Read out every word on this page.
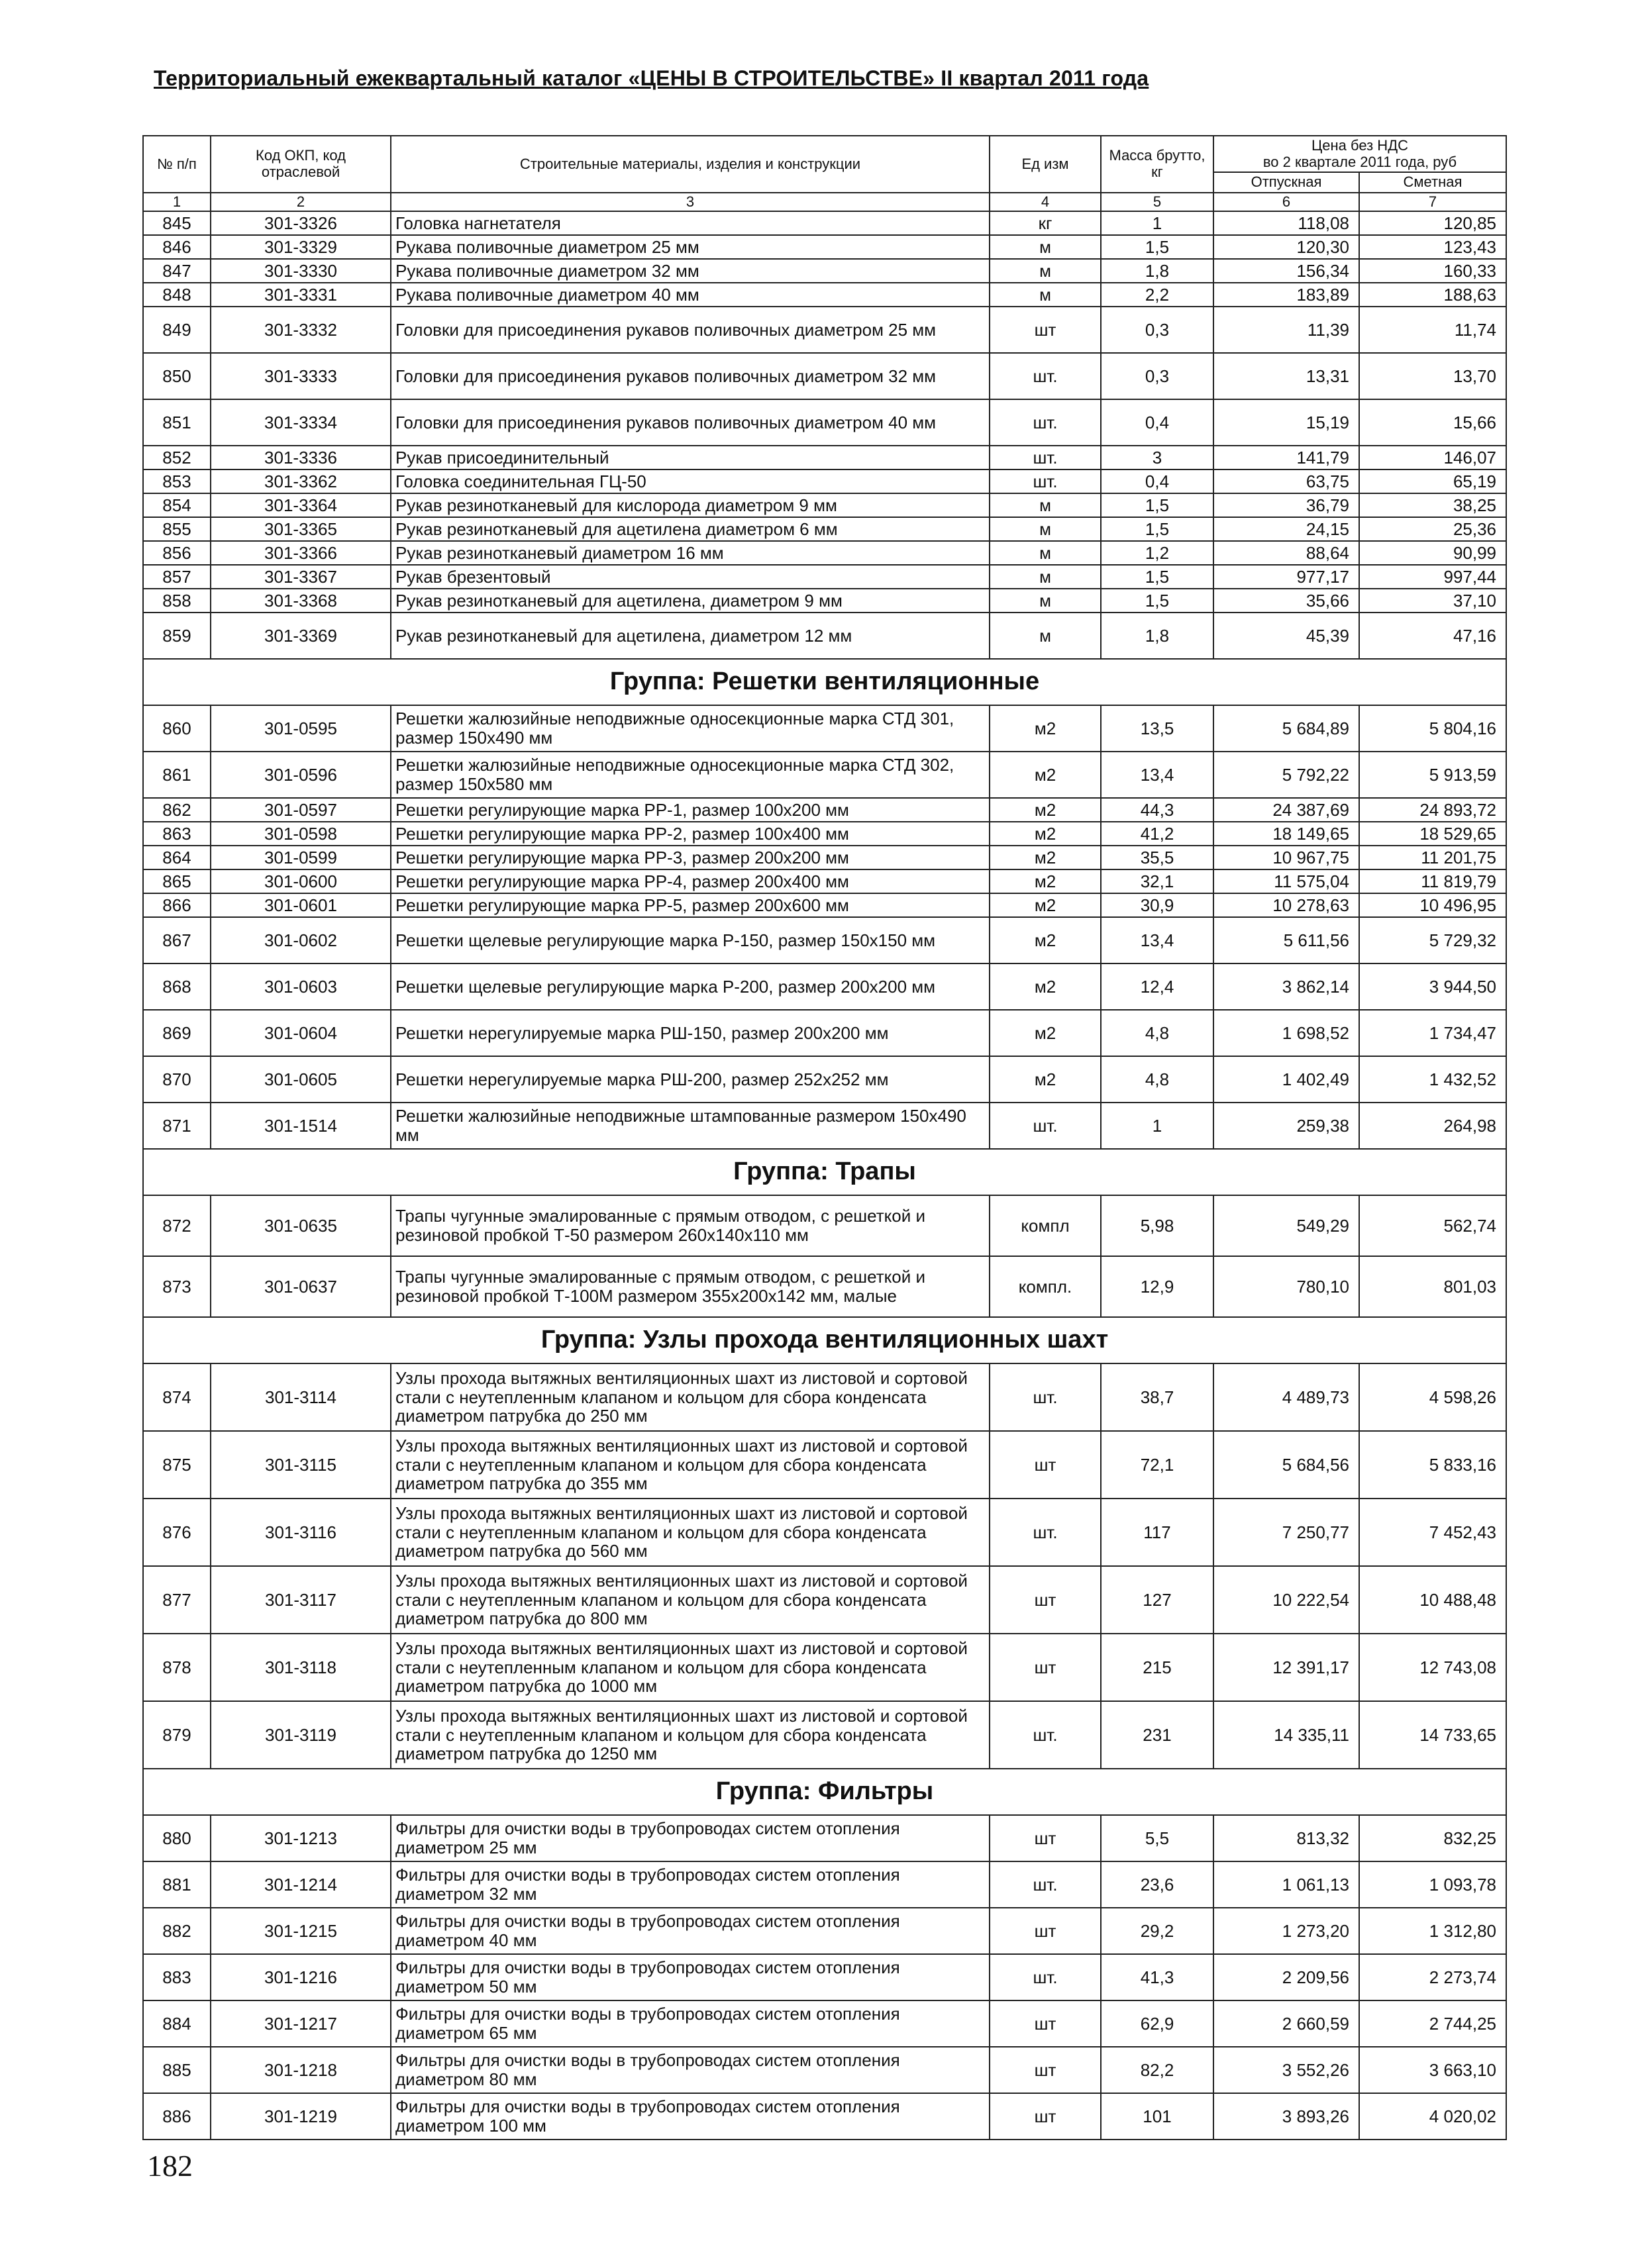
Территориальный ежеквартальный каталог «ЦЕНЫ В СТРОИТЕЛЬСТВЕ» II квартал 2011 года
№ п/п	Код ОКП, код отраслевой	Строительные материалы, изделия и конструкции	Ед изм	Масса брутто, кг	Цена без НДС
во 2 квартале 2011 года, руб	

					Отпускная	Сметная
1	2	3	4	5	6	7
845	301-3326	Головка нагнетателя	кг	1	118,08	120,85
846	301-3329	Рукава поливочные диаметром 25 мм	м	1,5	120,30	123,43
847	301-3330	Рукава поливочные диаметром 32 мм	м	1,8	156,34	160,33
848	301-3331	Рукава поливочные диаметром 40 мм	м	2,2	183,89	188,63
849	301-3332	Головки для присоединения рукавов поливочных диаметром 25 мм	шт	0,3	11,39	11,74
850	301-3333	Головки для присоединения рукавов поливочных диаметром 32 мм	шт.	0,3	13,31	13,70
851	301-3334	Головки для присоединения рукавов поливочных диаметром 40 мм	шт.	0,4	15,19	15,66
852	301-3336	Рукав присоединительный	шт.	3	141,79	146,07
853	301-3362	Головка соединительная ГЦ-50	шт.	0,4	63,75	65,19
854	301-3364	Рукав резинотканевый для кислорода диаметром 9 мм	м	1,5	36,79	38,25
855	301-3365	Рукав резинотканевый для ацетилена диаметром 6 мм	м	1,5	24,15	25,36
856	301-3366	Рукав резинотканевый диаметром 16 мм	м	1,2	88,64	90,99
857	301-3367	Рукав брезентовый	м	1,5	977,17	997,44
858	301-3368	Рукав резинотканевый для ацетилена, диаметром 9 мм	м	1,5	35,66	37,10
859	301-3369	Рукав резинотканевый для ацетилена, диаметром 12 мм	м	1,8	45,39	47,16
Группа: Решетки вентиляционные						
860	301-0595	Решетки жалюзийные неподвижные односекционные марка СТД 301, размер 150х490 мм	м2	13,5	5 684,89	5 804,16
861	301-0596	Решетки жалюзийные неподвижные односекционные марка СТД 302, размер 150х580 мм	м2	13,4	5 792,22	5 913,59
862	301-0597	Решетки регулирующие марка РР-1, размер 100х200 мм	м2	44,3	24 387,69	24 893,72
863	301-0598	Решетки регулирующие марка РР-2, размер 100х400 мм	м2	41,2	18 149,65	18 529,65
864	301-0599	Решетки регулирующие марка РР-3, размер 200х200 мм	м2	35,5	10 967,75	11 201,75
865	301-0600	Решетки регулирующие марка РР-4, размер 200х400 мм	м2	32,1	11 575,04	11 819,79
866	301-0601	Решетки регулирующие марка РР-5, размер 200х600 мм	м2	30,9	10 278,63	10 496,95
867	301-0602	Решетки щелевые регулирующие марка Р-150, размер 150х150 мм	м2	13,4	5 611,56	5 729,32
868	301-0603	Решетки щелевые регулирующие марка Р-200, размер 200х200 мм	м2	12,4	3 862,14	3 944,50
869	301-0604	Решетки нерегулируемые марка РШ-150, размер 200х200 мм	м2	4,8	1 698,52	1 734,47
870	301-0605	Решетки нерегулируемые марка РШ-200, размер 252х252 мм	м2	4,8	1 402,49	1 432,52
871	301-1514	Решетки жалюзийные неподвижные штампованные размером 150х490 мм	шт.	1	259,38	264,98
Группа: Трапы						
872	301-0635	Трапы чугунные эмалированные с прямым отводом, с решеткой и резиновой пробкой Т-50 размером 260х140х110 мм	компл	5,98	549,29	562,74
873	301-0637	Трапы чугунные эмалированные с прямым отводом, с решеткой и резиновой пробкой Т-100М размером 355х200х142 мм, малые	компл.	12,9	780,10	801,03
Группа: Узлы прохода вентиляционных шахт						
874	301-3114	Узлы прохода вытяжных вентиляционных шахт из листовой и сортовой стали с неутепленным клапаном и кольцом для сбора конденсата диаметром патрубка до 250 мм	шт.	38,7	4 489,73	4 598,26
875	301-3115	Узлы прохода вытяжных вентиляционных шахт из листовой и сортовой стали с неутепленным клапаном и кольцом для сбора конденсата диаметром патрубка до 355 мм	шт	72,1	5 684,56	5 833,16
876	301-3116	Узлы прохода вытяжных вентиляционных шахт из листовой и сортовой стали с неутепленным клапаном и кольцом для сбора конденсата диаметром патрубка до 560 мм	шт.	117	7 250,77	7 452,43
877	301-3117	Узлы прохода вытяжных вентиляционных шахт из листовой и сортовой стали с неутепленным клапаном и кольцом для сбора конденсата диаметром патрубка до 800 мм	шт	127	10 222,54	10 488,48
878	301-3118	Узлы прохода вытяжных вентиляционных шахт из листовой и сортовой стали с неутепленным клапаном и кольцом для сбора конденсата диаметром патрубка до 1000 мм	шт	215	12 391,17	12 743,08
879	301-3119	Узлы прохода вытяжных вентиляционных шахт из листовой и сортовой стали с неутепленным клапаном и кольцом для сбора конденсата диаметром патрубка до 1250 мм	шт.	231	14 335,11	14 733,65
Группа: Фильтры						
880	301-1213	Фильтры для очистки воды в трубопроводах систем отопления диаметром 25 мм	шт	5,5	813,32	832,25
881	301-1214	Фильтры для очистки воды в трубопроводах систем отопления диаметром 32 мм	шт.	23,6	1 061,13	1 093,78
882	301-1215	Фильтры для очистки воды в трубопроводах систем отопления диаметром 40 мм	шт	29,2	1 273,20	1 312,80
883	301-1216	Фильтры для очистки воды в трубопроводах систем отопления диаметром 50 мм	шт.	41,3	2 209,56	2 273,74
884	301-1217	Фильтры для очистки воды в трубопроводах систем отопления диаметром 65 мм	шт	62,9	2 660,59	2 744,25
885	301-1218	Фильтры для очистки воды в трубопроводах систем отопления диаметром 80 мм	шт	82,2	3 552,26	3 663,10
886	301-1219	Фильтры для очистки воды в трубопроводах систем отопления диаметром 100 мм	шт	101	3 893,26	4 020,02
182
